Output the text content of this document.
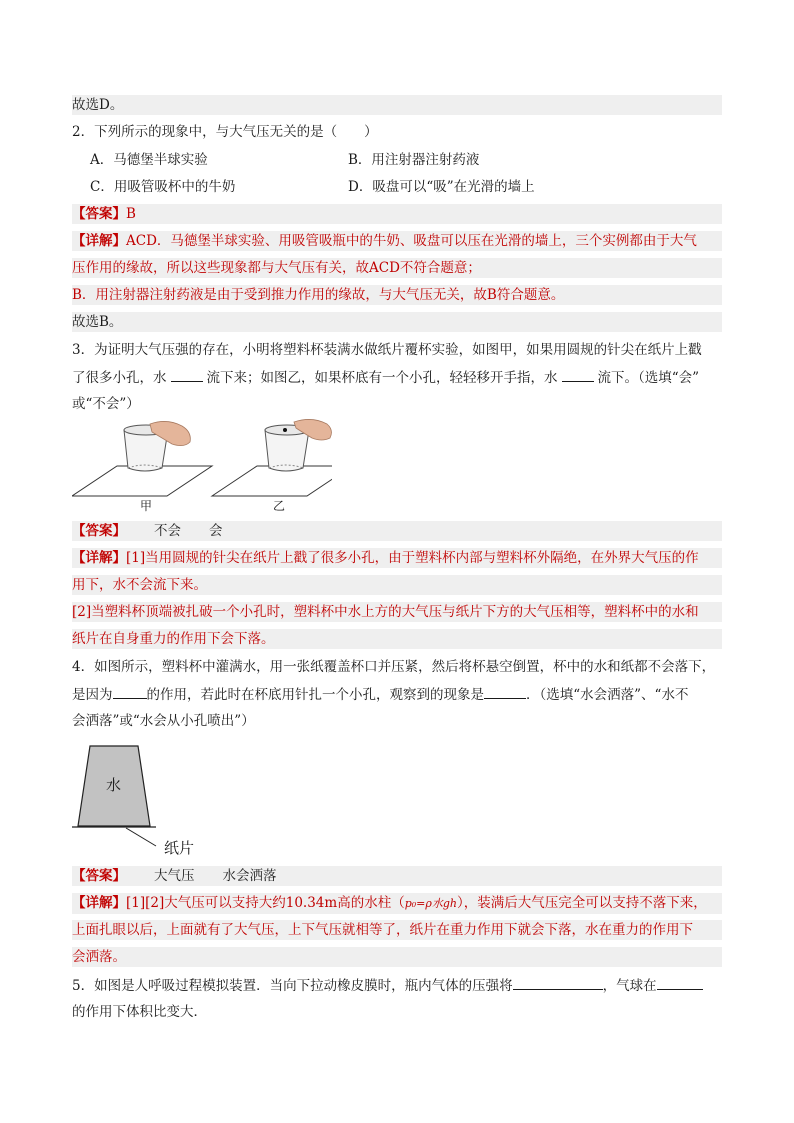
故选D。
2．下列所示的现象中，与大气压无关的是（　　）
A．马德堡半球实验	B．用注射器注射药液
C．用吸管吸杯中的牛奶	D．吸盘可以“吸”在光滑的墙上
【答案】B
【详解】ACD．马德堡半球实验、用吸管吸瓶中的牛奶、吸盘可以压在光滑的墙上，三个实例都由于大气
压作用的缘故，所以这些现象都与大气压有关，故ACD不符合题意；
B．用注射器注射药液是由于受到推力作用的缘故，与大气压无关，故B符合题意。
故选B。
3．为证明大气压强的存在，小明将塑料杯装满水做纸片覆杯实验，如图甲，如果用圆规的针尖在纸片上戳
了很多小孔，水	流下来；如图乙，如果杯底有一个小孔，轻轻移开手指，水	流下。（选填“会”
或“不会”）
甲	乙
【答案】 不会 会
【详解】[1]当用圆规的针尖在纸片上戳了很多小孔，由于塑料杯内部与塑料杯外隔绝，在外界大气压的作
用下，水不会流下来。
[2]当塑料杯顶端被扎破一个小孔时，塑料杯中水上方的大气压与纸片下方的大气压相等，塑料杯中的水和
纸片在自身重力的作用下会下落。
4．如图所示，塑料杯中灌满水，用一张纸覆盖杯口并压紧，然后将杯悬空倒置，杯中的水和纸都不会落下，
是因为	的作用，若此时在杯底用针扎一个小孔，观察到的现象是	．（选填“水会洒落”、“水不
会洒落”或“水会从小孔喷出”）
水
纸片
【答案】 大气压 水会洒落
【详解】[1][2]大气压可以支持大约10.34m高的水柱（p₀=ρ水gh），装满后大气压完全可以支持不落下来，
上面扎眼以后，上面就有了大气压，上下气压就相等了，纸片在重力作用下就会下落，水在重力的作用下
会洒落。
5．如图是人呼吸过程模拟装置．当向下拉动橡皮膜时，瓶内气体的压强将	，气球在
的作用下体积比变大．
